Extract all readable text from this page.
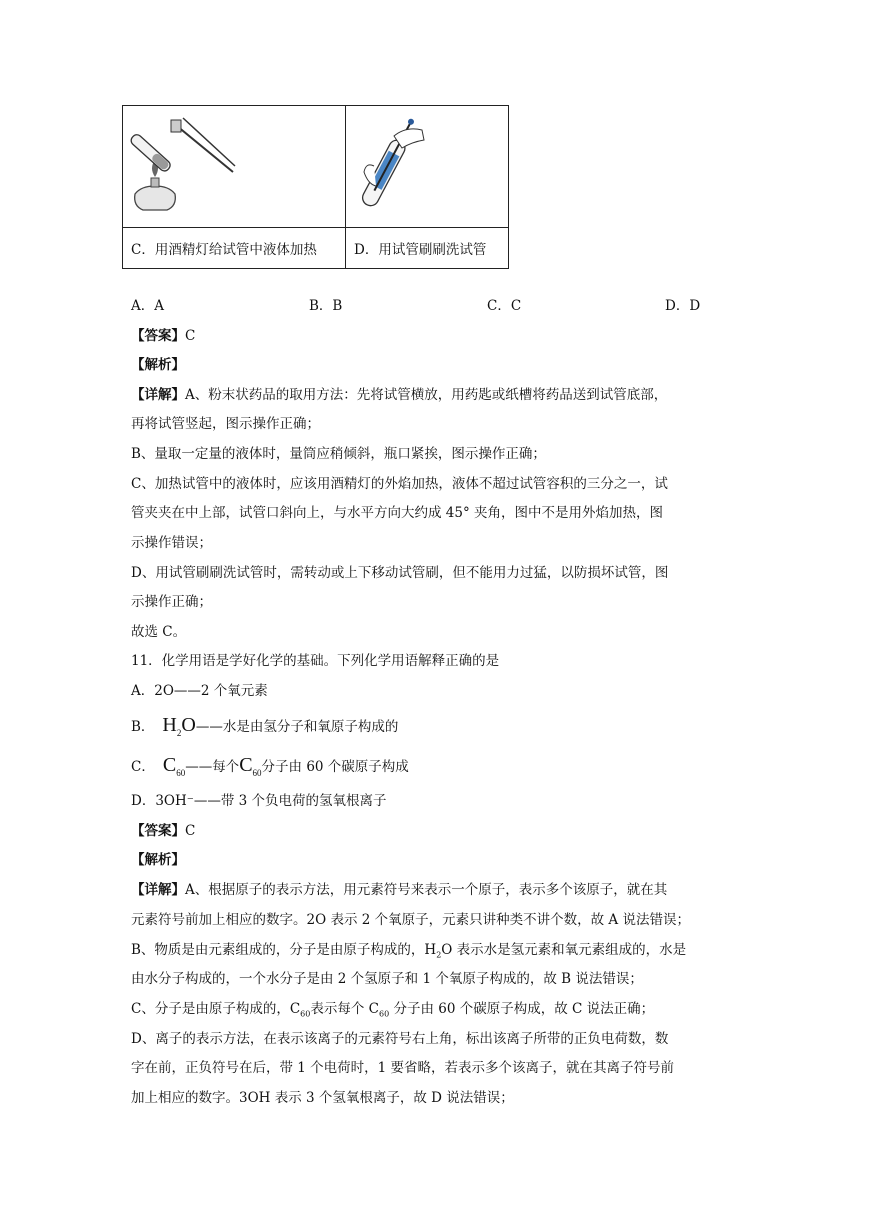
C．用酒精灯给试管中液体加热	D．用试管刷刷洗试管
A．A	B．B	C．C	D．D
【答案】C
【解析】
【详解】A、粉末状药品的取用方法：先将试管横放，用药匙或纸槽将药品送到试管底部，
再将试管竖起，图示操作正确；
B、量取一定量的液体时，量筒应稍倾斜，瓶口紧挨，图示操作正确；
C、加热试管中的液体时，应该用酒精灯的外焰加热，液体不超过试管容积的三分之一，试
管夹夹在中上部，试管口斜向上，与水平方向大约成 45° 夹角，图中不是用外焰加热，图
示操作错误；
D、用试管刷刷洗试管时，需转动或上下移动试管刷，但不能用力过猛，以防损坏试管，图
示操作正确；
故选 C。
11．化学用语是学好化学的基础。下列化学用语解释正确的是
A．2O——2 个氧元素
B． $H_2O——$水是由氢分子和氧原子构成的
C． $C_{60}——$每个$C_{60}$分子由 60 个碳原子构成
D．3OH⁻——带 3 个负电荷的氢氧根离子
【答案】C
【解析】
【详解】A、根据原子的表示方法，用元素符号来表示一个原子，表示多个该原子，就在其
元素符号前加上相应的数字。2O 表示 2 个氧原子，元素只讲种类不讲个数，故 A 说法错误；
B、物质是由元素组成的，分子是由原子构成的，$H_2O$ 表示水是氢元素和氧元素组成的，水是
由水分子构成的，一个水分子是由 2 个氢原子和 1 个氧原子构成的，故 B 说法错误；
C、分子是由原子构成的，$C_{60}$表示每个 $C_{60}$ 分子由 60 个碳原子构成，故 C 说法正确；
D、离子的表示方法，在表示该离子的元素符号右上角，标出该离子所带的正负电荷数，数
字在前，正负符号在后，带 1 个电荷时，1 要省略，若表示多个该离子，就在其离子符号前
加上相应的数字。3OH 表示 3 个氢氧根离子，故 D 说法错误；
